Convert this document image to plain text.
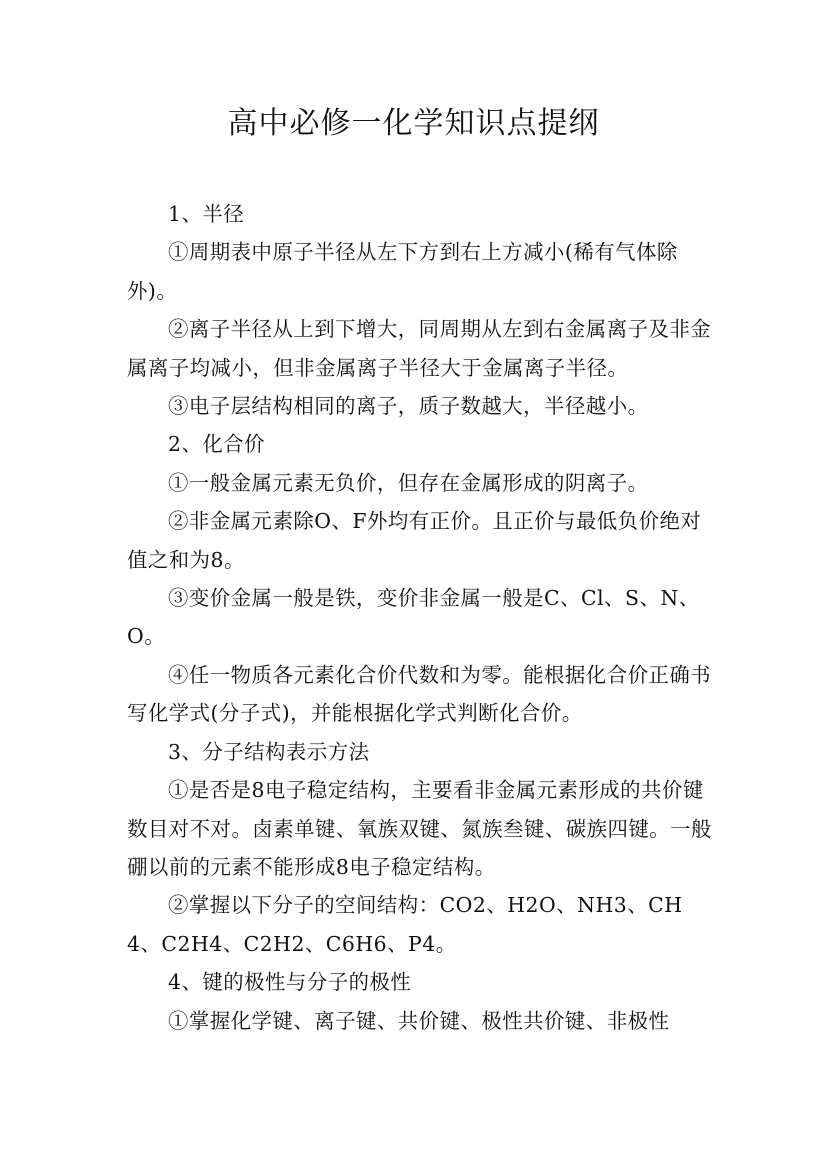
高中必修一化学知识点提纲

1、半径

①周期表中原子半径从左下方到右上方减小(稀有气体除外)。

②离子半径从上到下增大，同周期从左到右金属离子及非金属离子均减小，但非金属离子半径大于金属离子半径。

③电子层结构相同的离子，质子数越大，半径越小。

2、化合价

①一般金属元素无负价，但存在金属形成的阴离子。

②非金属元素除O、F外均有正价。且正价与最低负价绝对值之和为8。

③变价金属一般是铁，变价非金属一般是C、Cl、S、N、O。

④任一物质各元素化合价代数和为零。能根据化合价正确书写化学式(分子式)，并能根据化学式判断化合价。

3、分子结构表示方法

①是否是8电子稳定结构，主要看非金属元素形成的共价键数目对不对。卤素单键、氧族双键、氮族叁键、碳族四键。一般硼以前的元素不能形成8电子稳定结构。

②掌握以下分子的空间结构：CO2、H2O、NH3、CH4、C2H4、C2H2、C6H6、P4。

4、键的极性与分子的极性

①掌握化学键、离子键、共价键、极性共价键、非极性
